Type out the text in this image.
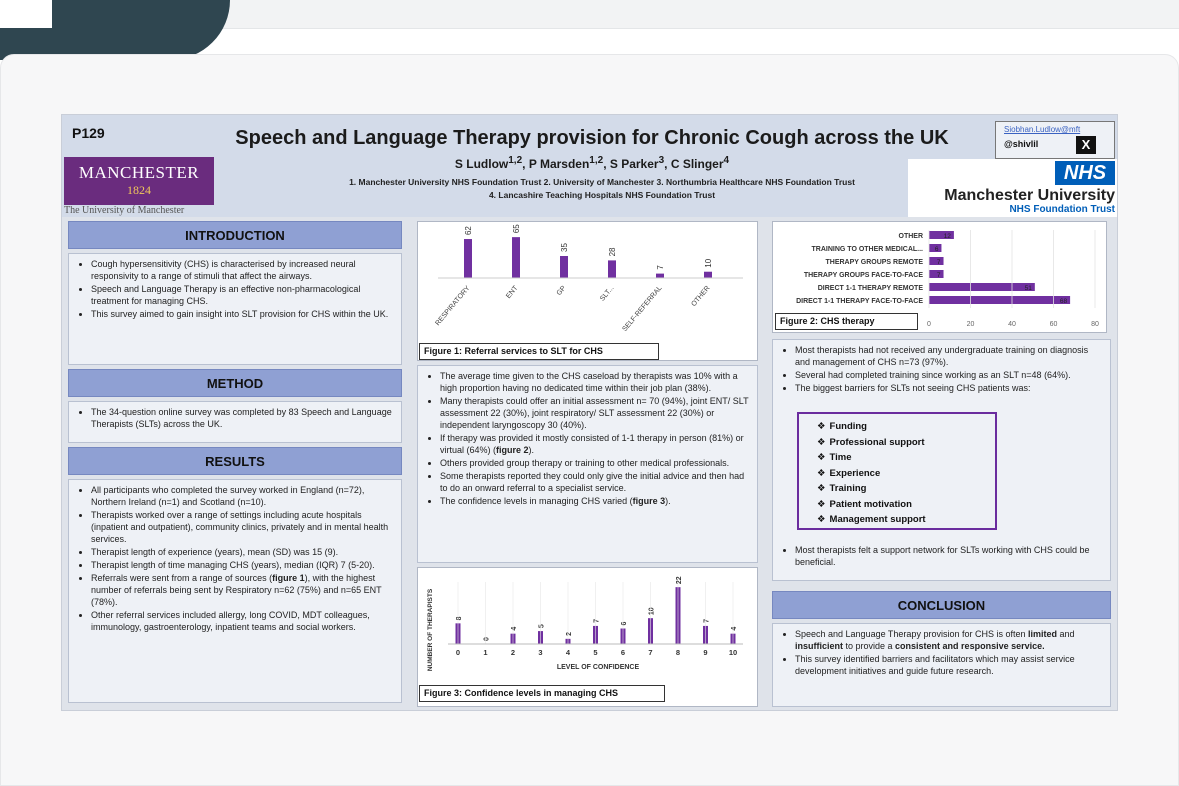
P129
MANCHESTER
1824
The University of Manchester
Speech and Language Therapy provision for Chronic Cough across the UK
S Ludlow$^{1,2}$, P Marsden$^{1,2}$, S Parker$^3$, C Slinger$^4$
1. Manchester University NHS Foundation Trust 2. University of Manchester 3. Northumbria Healthcare NHS Foundation Trust
4. Lancashire Teaching Hospitals NHS Foundation Trust
Siobhan.Ludlow@mft
@shivlil	X
NHS
Manchester University
NHS Foundation Trust
INTRODUCTION
• Cough hypersensitivity (CHS) is characterised by increased neural responsivity to a range of stimuli that affect the airways.
• Speech and Language Therapy is an effective non-pharmacological treatment for managing CHS.
• This survey aimed to gain insight into SLT provision for CHS within the UK.
METHOD
• The 34-question online survey was completed by 83 Speech and Language Therapists (SLTs) across the UK.
RESULTS
• All participants who completed the survey worked in England (n=72), Northern Ireland (n=1) and Scotland (n=10).
• Therapists worked over a range of settings including acute hospitals (inpatient and outpatient), community clinics, privately and in mental health services.
• Therapist length of experience (years), mean (SD) was 15 (9).
• Therapist length of time managing CHS (years), median (IQR) 7 (5-20).
• Referrals were sent from a range of sources (figure 1), with the highest number of referrals being sent by Respiratory n=62 (75%) and n=65 ENT (78%).
• Other referral services included allergy, long COVID, MDT colleagues, immunology, gastroenterology, inpatient teams and social workers.
62
RESPIRATORY
65
ENT
35
GP
28
SLT...
7
SELF-REFERRAL
10
OTHER
Figure 1: Referral services to SLT for CHS
• The average time given to the CHS caseload by therapists was 10% with a high proportion having no dedicated time within their job plan (38%).
• Many therapists could offer an initial assessment n= 70 (94%), joint ENT/ SLT assessment 22 (30%), joint respiratory/ SLT assessment 22 (30%) or independent laryngoscopy 30 (40%).
• If therapy was provided it mostly consisted of 1-1 therapy in person (81%) or virtual (64%) (figure 2).
• Others provided group therapy or training to other medical professionals.
• Some therapists reported they could only give the initial advice and then had to do an onward referral to a specialist service.
• The confidence levels in managing CHS varied (figure 3).
8
0
0
1
4
2
5
3
2
4
7
5
6
6
10
7
22
8
7
9
4
10
LEVEL OF CONFIDENCE
NUMBER OF THERAPISTS
Figure 3: Confidence levels in managing CHS
OTHER	12
TRAINING TO OTHER MEDICAL... 6
THERAPY GROUPS REMOTE 7
THERAPY GROUPS FACE-TO-FACE 7
DIRECT 1-1 THERAPY REMOTE	51
DIRECT 1-1 THERAPY FACE-TO-FACE	68
0	20	40	60	80
Figure 2: CHS therapy
• Most therapists had not received any undergraduate training on diagnosis and management of CHS n=73 (97%).
• Several had completed training since working as an SLT n=48 (64%).
• The biggest barriers for SLTs not seeing CHS patients was:
❖ Funding
❖ Professional support
❖ Time
❖ Experience
❖ Training
❖ Patient motivation
❖ Management support
• Most therapists felt a support network for SLTs working with CHS could be beneficial.
CONCLUSION
• Speech and Language Therapy provision for CHS is often limited and insufficient to provide a consistent and responsive service.
• This survey identified barriers and facilitators which may assist service development initiatives and guide future research.
